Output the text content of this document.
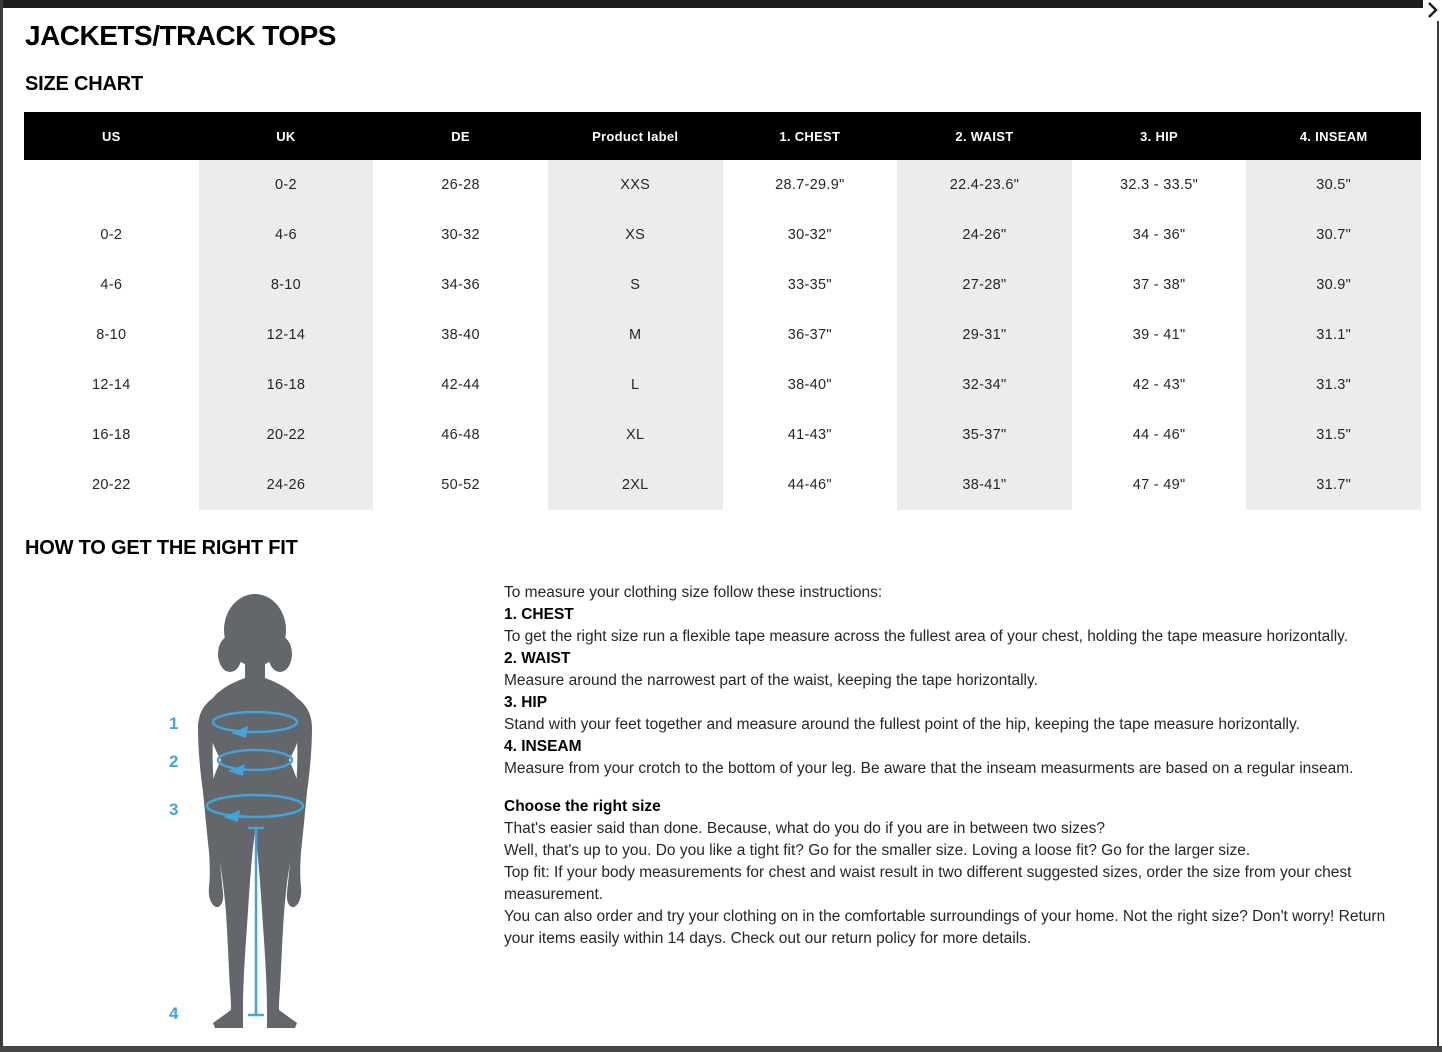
JACKETS/TRACK TOPS
SIZE CHART
US	UK	DE	Product label	1. CHEST	2. WAIST	3. HIP	4. INSEAM
	0-2	26-28	XXS	28.7-29.9"	22.4-23.6"	32.3 - 33.5"	30.5"
0-2	4-6	30-32	XS	30-32"	24-26"	34 - 36"	30.7"
4-6	8-10	34-36	S	33-35"	27-28"	37 - 38"	30.9"
8-10	12-14	38-40	M	36-37"	29-31"	39 - 41"	31.1"
12-14	16-18	42-44	L	38-40"	32-34"	42 - 43"	31.3"
16-18	20-22	46-48	XL	41-43"	35-37"	44 - 46"	31.5"
20-22	24-26	50-52	2XL	44-46"	38-41"	47 - 49"	31.7"
HOW TO GET THE RIGHT FIT
1
2
3
4

To measure your clothing size follow these instructions:

1. CHEST

To get the right size run a flexible tape measure across the fullest area of your chest, holding the tape measure horizontally.

2. WAIST

Measure around the narrowest part of the waist, keeping the tape horizontally.

3. HIP

Stand with your feet together and measure around the fullest point of the hip, keeping the tape measure horizontally.

4. INSEAM

Measure from your crotch to the bottom of your leg. Be aware that the inseam measurments are based on a regular inseam.

Choose the right size

That's easier said than done. Because, what do you do if you are in between two sizes?

Well, that's up to you. Do you like a tight fit? Go for the smaller size. Loving a loose fit? Go for the larger size.

Top fit: If your body measurements for chest and waist result in two different suggested sizes, order the size from your chest measurement.

You can also order and try your clothing on in the comfortable surroundings of your home. Not the right size? Don't worry! Return your items easily within 14 days. Check out our return policy for more details.
